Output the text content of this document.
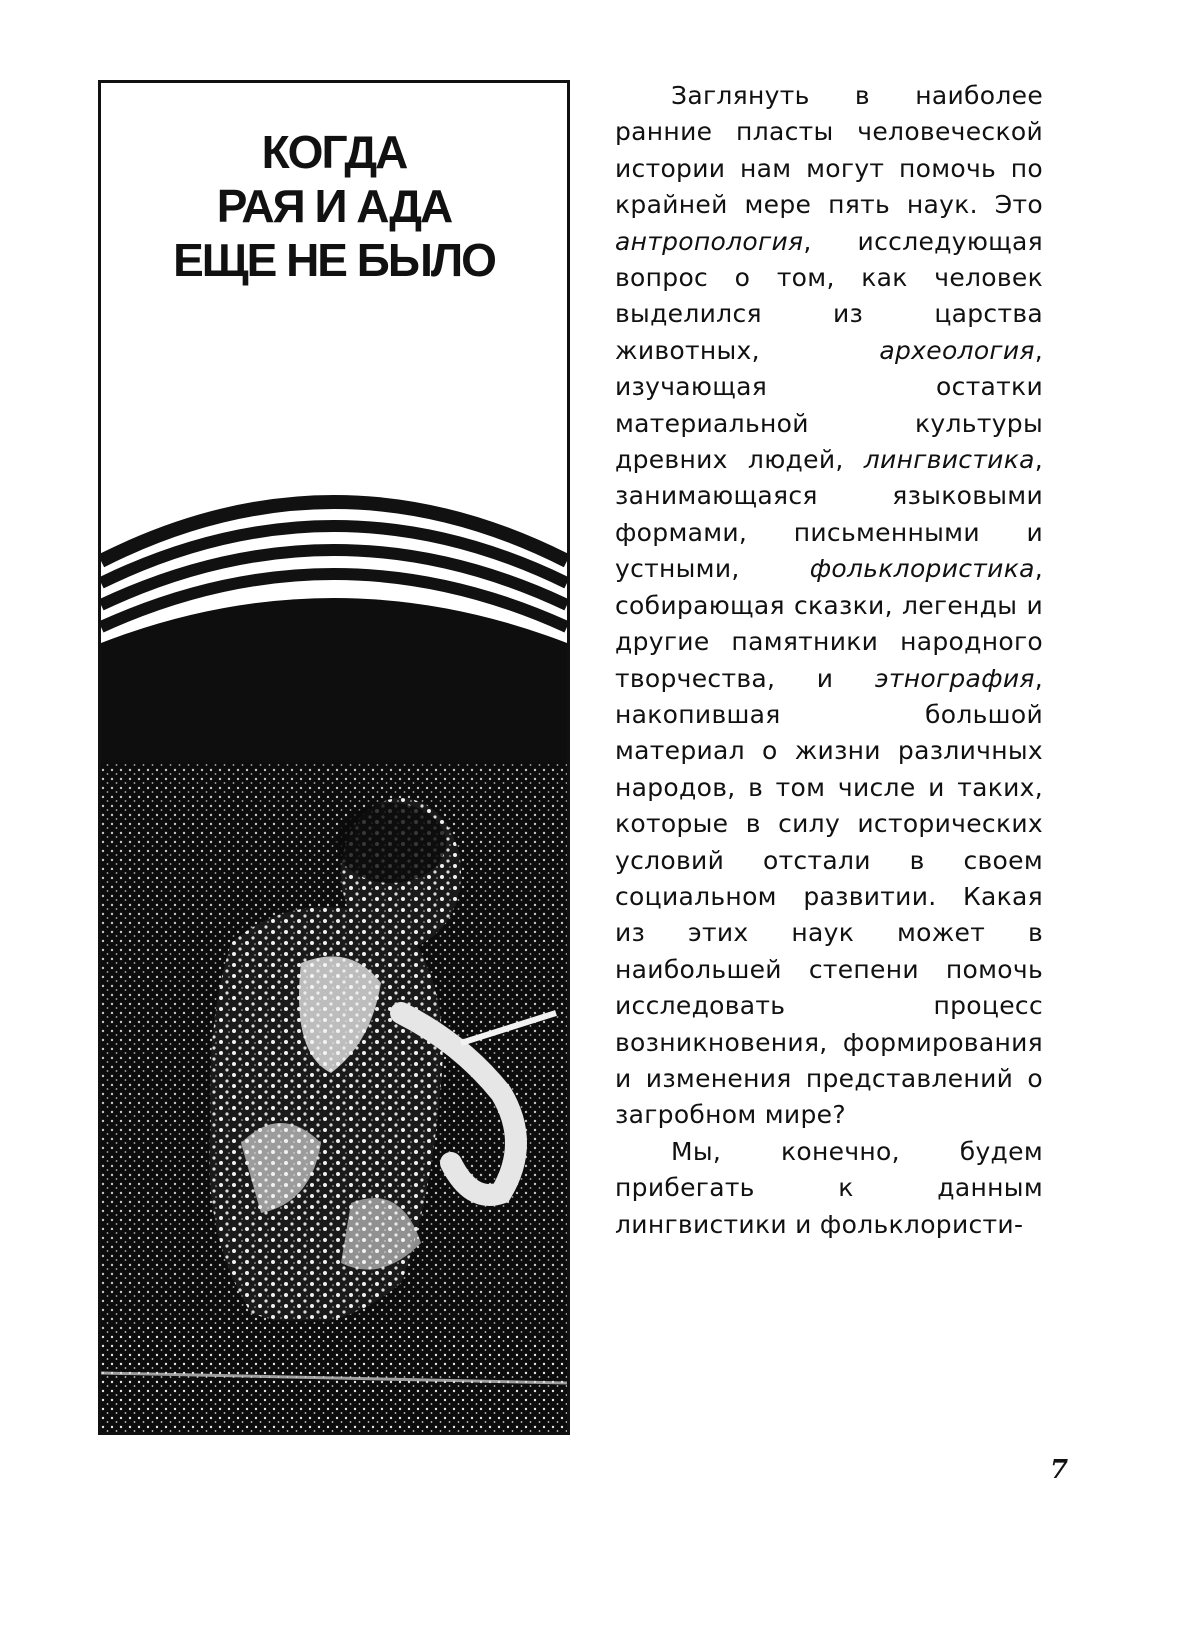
КОГДА
РАЯ И АДА
ЕЩЕ НЕ БЫЛО

Заглянуть в наиболее ранние пласты человеческой истории нам могут помочь по крайней мере пять наук. Это антропология, исследующая вопрос о том, как человек выделился из царства животных, археология, изучающая остатки материальной культуры древних людей, лингвистика, занимающаяся языковыми формами, письменными и устными, фольклористика, собирающая сказки, легенды и другие памятники народного творчества, и этнография, накопившая большой материал о жизни различных народов, в том числе и таких, которые в силу исторических условий отстали в своем социальном развитии. Какая из этих наук может в наибольшей степени помочь исследовать процесс возникновения, формирования и изменения представлений о загробном мире?

Мы, конечно, будем прибегать к данным лингвистики и фольклористи-

7
